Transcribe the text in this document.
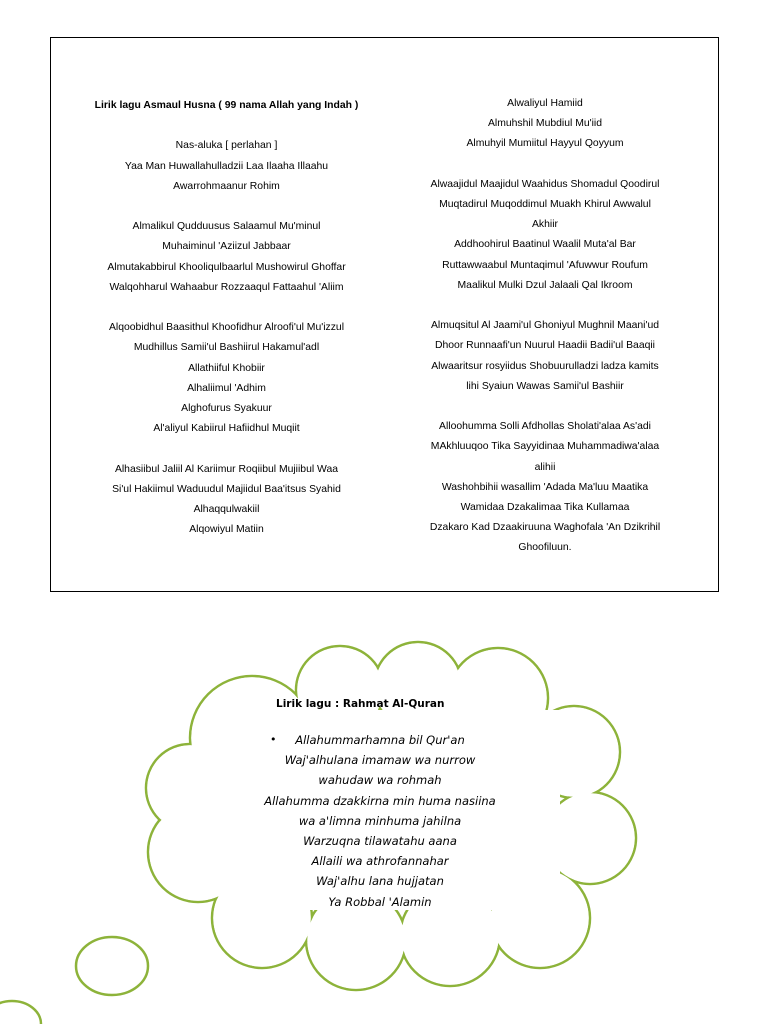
Lirik lagu Asmaul Husna ( 99 nama Allah yang Indah )
Nas-aluka [ perlahan ]
Yaa Man Huwallahulladzii Laa Ilaaha Illaahu
Awarrohmaanur Rohim
Almalikul Qudduusus Salaamul Mu'minul
Muhaiminul 'Aziizul Jabbaar
Almutakabbirul Khooliqulbaarlul Mushowirul Ghoffar
Walqohharul Wahaabur Rozzaaqul Fattaahul 'Aliim
Alqoobidhul Baasithul Khoofidhur Alroofi'ul Mu'izzul
Mudhillus Samii'ul Bashiirul Hakamul'adl
Allathiiful Khobiir
Alhaliimul 'Adhim
Alghofurus Syakuur
Al'aliyul Kabiirul Hafiidhul Muqiit
Alhasiibul Jaliil Al Kariimur Roqiibul Mujiibul Waa
Si'ul Hakiimul Waduudul Majiidul Baa'itsus Syahid
Alhaqqulwakiil
Alqowiyul Matiin
Alwaliyul Hamiid
Almuhshil Mubdiul Mu'iid
Almuhyil Mumiitul Hayyul Qoyyum
Alwaajidul Maajidul Waahidus Shomadul Qoodirul
Muqtadirul Muqoddimul Muakh Khirul Awwalul
Akhiir
Addhoohirul Baatinul Waalil Muta'al Bar
Ruttawwaabul Muntaqimul 'Afuwwur Roufum
Maalikul Mulki Dzul Jalaali Qal Ikroom
Almuqsitul Al Jaami'ul Ghoniyul Mughnil Maani'ud
Dhoor Runnaafi'un Nuurul Haadii Badii'ul Baaqii
Alwaaritsur rosyiidus Shobuurulladzi ladza kamits
lihi Syaiun Wawas Samii'ul Bashiir
Alloohumma Solli Afdhollas Sholati'alaa As'adi
MAkhluuqoo Tika Sayyidinaa Muhammadiwa'alaa
alihii
Washohbihii wasallim 'Adada Ma'luu Maatika
Wamidaa Dzakalimaa Tika Kullamaa
Dzakaro Kad Dzaakiruuna Waghofala 'An Dzikrihil
Ghoofiluun.
Lirik lagu : Rahmat Al-Quran
•	Allahummarhamna bil Qur'an
Waj'alhulana imamaw wa nurrow
wahudaw wa rohmah
Allahumma dzakkirna min huma nasiina
wa a'limna minhuma jahilna
Warzuqna tilawatahu aana
Allaili wa athrofannahar
Waj'alhu lana hujjatan
Ya Robbal 'Alamin
